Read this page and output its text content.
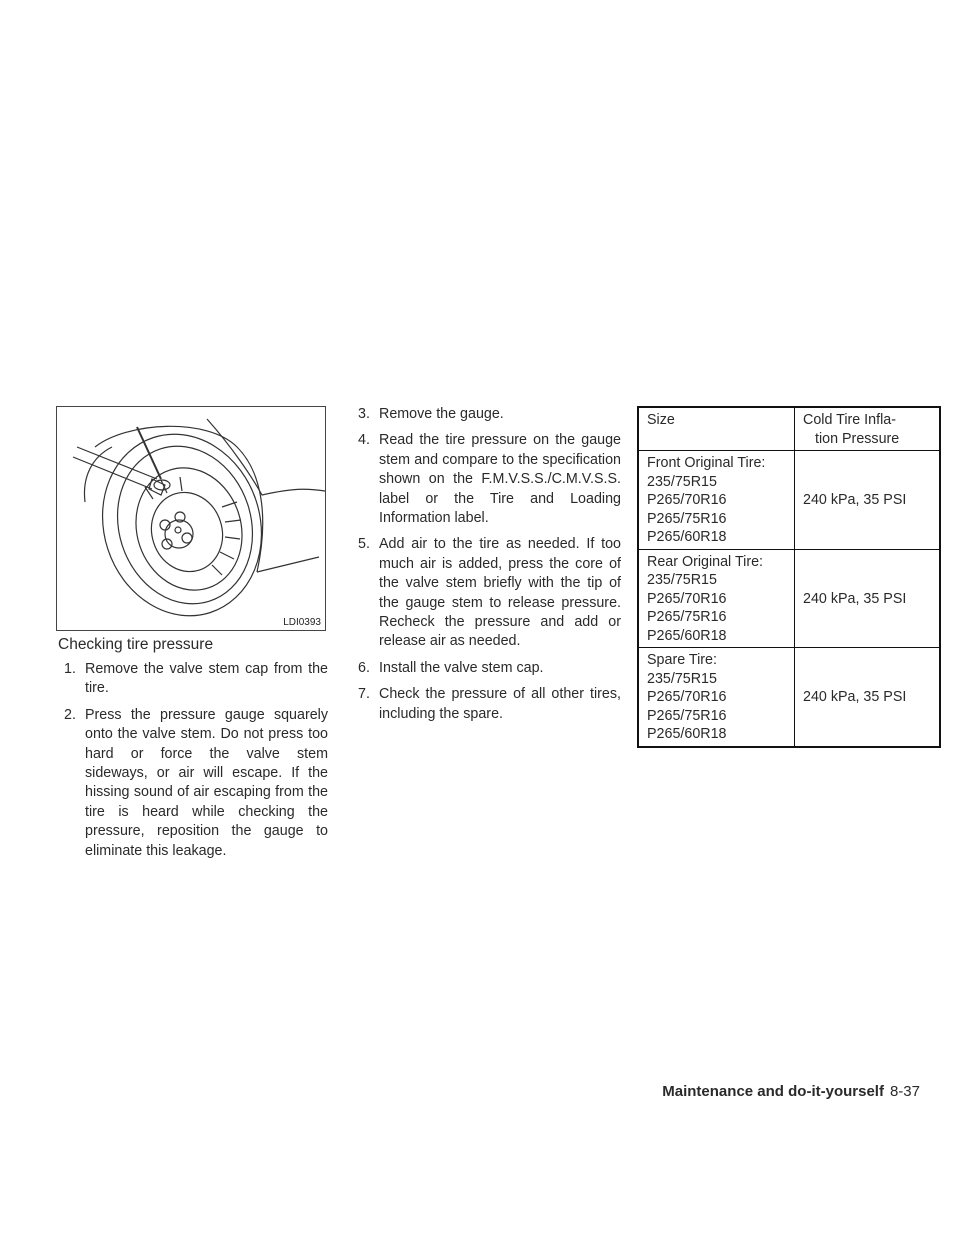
LDI0393
Checking tire pressure
1. Remove the valve stem cap from the tire.
2. Press the pressure gauge squarely onto the valve stem. Do not press too hard or force the valve stem sideways, or air will escape. If the hissing sound of air escaping from the tire is heard while checking the pressure, reposition the gauge to eliminate this leakage.
3. Remove the gauge.
4. Read the tire pressure on the gauge stem and compare to the specification shown on the F.M.V.S.S./C.M.V.S.S. label or the Tire and Loading Information label.
5. Add air to the tire as needed. If too much air is added, press the core of the valve stem briefly with the tip of the gauge stem to release pressure. Recheck the pressure and add or release air as needed.
6. Install the valve stem cap.
7. Check the pressure of all other tires, including the spare.
Size	Cold Tire Infla-
tion Pressure

Front Original Tire:
235/75R15
P265/70R16
P265/75R16
P265/60R18	240 kPa, 35 PSI

Rear Original Tire:
235/75R15
P265/70R16
P265/75R16
P265/60R18	240 kPa, 35 PSI

Spare Tire:
235/75R15
P265/70R16
P265/75R16
P265/60R18	240 kPa, 35 PSI
Maintenance and do-it-yourself 8-37
